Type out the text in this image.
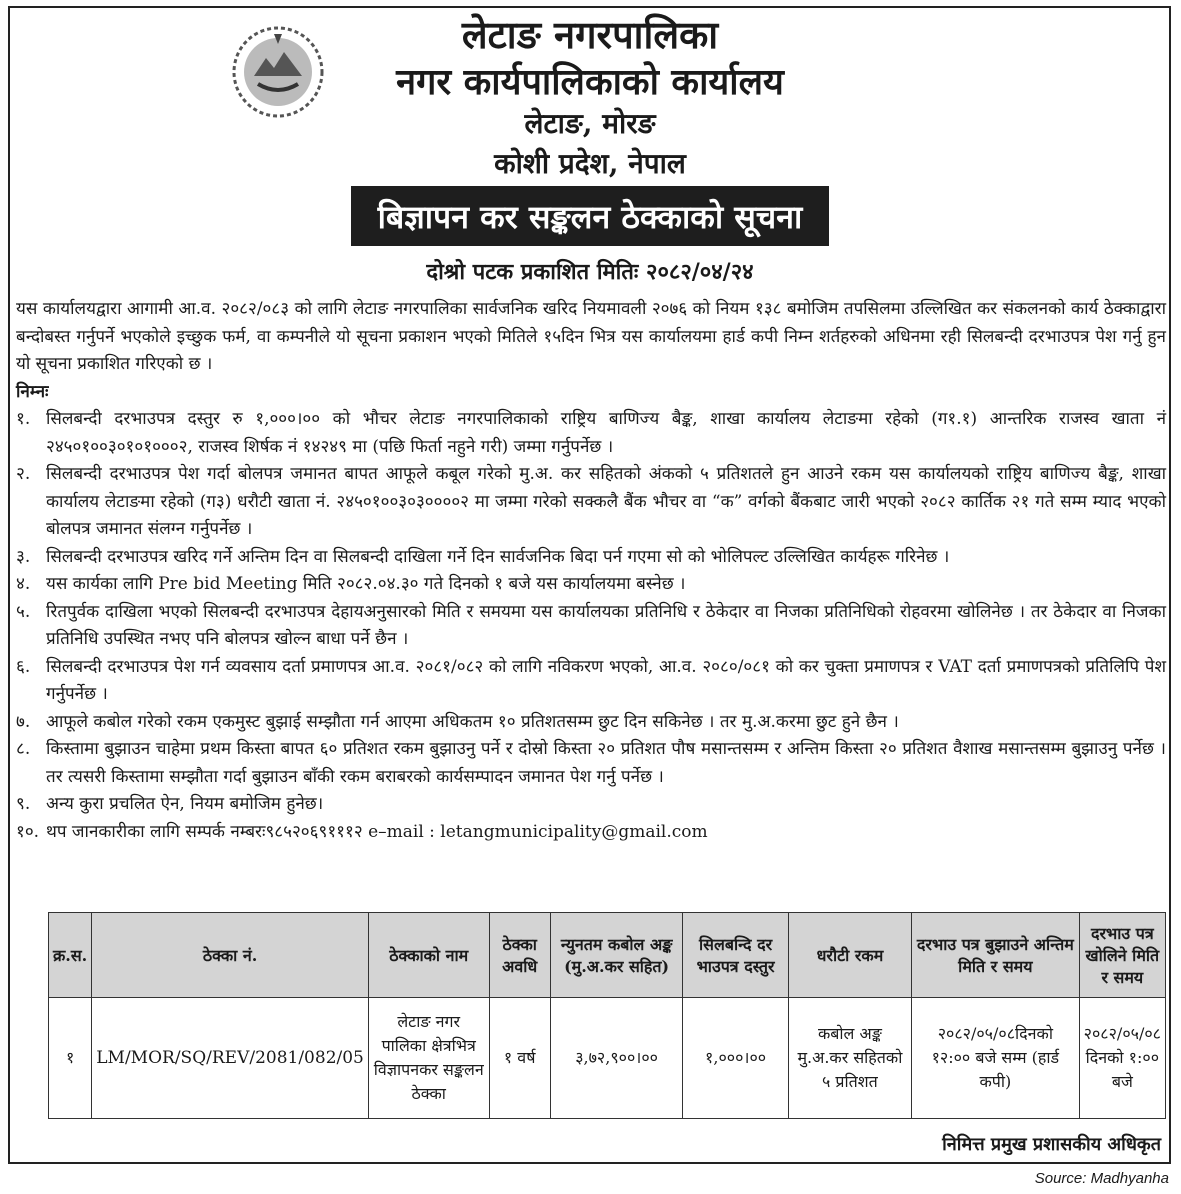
लेटाङ नगरपालिका
नगर कार्यपालिकाको कार्यालय
लेटाङ, मोरङ
कोशी प्रदेश, नेपाल
बिज्ञापन कर सङ्कलन ठेक्काको सूचना
दोश्रो पटक प्रकाशित मितिः २०८२/०४/२४

यस कार्यालयद्वारा आगामी आ.व. २०८२/०८३ को लागि लेटाङ नगरपालिका सार्वजनिक खरिद नियमावली २०७६ को नियम १३८ बमोजिम तपसिलमा उल्लिखित कर संकलनको कार्य ठेक्काद्वारा बन्दोबस्त गर्नुपर्ने भएकोले इच्छुक फर्म, वा कम्पनीले यो सूचना प्रकाशन भएको मितिले १५दिन भित्र यस कार्यालयमा हार्ड कपी निम्न शर्तहरुको अधिनमा रही सिलबन्दी दरभाउपत्र पेश गर्नु हुन यो सूचना प्रकाशित गरिएको छ ।

निम्नः

१. सिलबन्दी दरभाउपत्र दस्तुर रु १,०००।०० को भौचर लेटाङ नगरपालिकाको राष्ट्रिय बाणिज्य बैङ्क, शाखा कार्यालय लेटाङमा रहेको (ग१.१) आन्तरिक राजस्व खाता नं २४५०१००३०१०१०००२, राजस्व शिर्षक नं १४२४९ मा (पछि फिर्ता नहुने गरी) जम्मा गर्नुपर्नेछ ।
२. सिलबन्दी दरभाउपत्र पेश गर्दा बोलपत्र जमानत बापत आफूले कबूल गरेको मु.अ. कर सहितको अंकको ५ प्रतिशतले हुन आउने रकम यस कार्यालयको राष्ट्रिय बाणिज्य बैङ्क, शाखा कार्यालय लेटाङमा रहेको (ग३) धरौटी खाता नं. २४५०१००३०३००००२ मा जम्मा गरेको सक्कलै बैंक भौचर वा “क” वर्गको बैंकबाट जारी भएको २०८२ कार्तिक २१ गते सम्म म्याद भएको बोलपत्र जमानत संलग्न गर्नुपर्नेछ ।
३. सिलबन्दी दरभाउपत्र खरिद गर्ने अन्तिम दिन वा सिलबन्दी दाखिला गर्ने दिन सार्वजनिक बिदा पर्न गएमा सो को भोलिपल्ट उल्लिखित कार्यहरू गरिनेछ ।
४. यस कार्यका लागि Pre bid Meeting मिति २०८२.०४.३० गते दिनको १ बजे यस कार्यालयमा बस्नेछ ।
५. रितपुर्वक दाखिला भएको सिलबन्दी दरभाउपत्र देहायअनुसारको मिति र समयमा यस कार्यालयका प्रतिनिधि र ठेकेदार वा निजका प्रतिनिधिको रोहवरमा खोलिनेछ । तर ठेकेदार वा निजका प्रतिनिधि उपस्थित नभए पनि बोलपत्र खोल्न बाधा पर्ने छैन ।
६. सिलबन्दी दरभाउपत्र पेश गर्न व्यवसाय दर्ता प्रमाणपत्र आ.व. २०८१/०८२ को लागि नविकरण भएको, आ.व. २०८०/०८१ को कर चुक्ता प्रमाणपत्र र VAT दर्ता प्रमाणपत्रको प्रतिलिपि पेश गर्नुपर्नेछ ।
७. आफूले कबोल गरेको रकम एकमुस्ट बुझाई सम्झौता गर्न आएमा अधिकतम १० प्रतिशतसम्म छुट दिन सकिनेछ । तर मु.अ.करमा छुट हुने छैन ।
८. किस्तामा बुझाउन चाहेमा प्रथम किस्ता बापत ६० प्रतिशत रकम बुझाउनु पर्ने र दोस्रो किस्ता २० प्रतिशत पौष मसान्तसम्म र अन्तिम किस्ता २० प्रतिशत वैशाख मसान्तसम्म बुझाउनु पर्नेछ । तर त्यसरी किस्तामा सम्झौता गर्दा बुझाउन बाँकी रकम बराबरको कार्यसम्पादन जमानत पेश गर्नु पर्नेछ ।
९. अन्य कुरा प्रचलित ऐन, नियम बमोजिम हुनेछ।
१०. थप जानकारीका लागि सम्पर्क नम्बरः९८५२०६९१११२ e–mail : letangmunicipality@gmail.com
क्र.स.	ठेक्का नं.	ठेक्काको नाम	ठेक्का अवधि	न्युनतम कबोल अङ्क (मु.अ.कर सहित)	सिलबन्दि दर भाउपत्र दस्तुर	धरौटी रकम	दरभाउ पत्र बुझाउने अन्तिम मिति र समय	दरभाउ पत्र खोलिने मिति र समय
१	LM/MOR/SQ/REV/2081/082/05	लेटाङ नगर पालिका क्षेत्रभित्र विज्ञापनकर सङ्कलन ठेक्का	१ वर्ष	३,७२,९००।००	१,०००।००	कबोल अङ्क मु.अ.कर सहितको ५ प्रतिशत	२०८२/०५/०८दिनको १२:०० बजे सम्म (हार्ड कपी)	२०८२/०५/०८ दिनको १:०० बजे
निमित्त प्रमुख प्रशासकीय अधिकृत
Source: Madhyanha
